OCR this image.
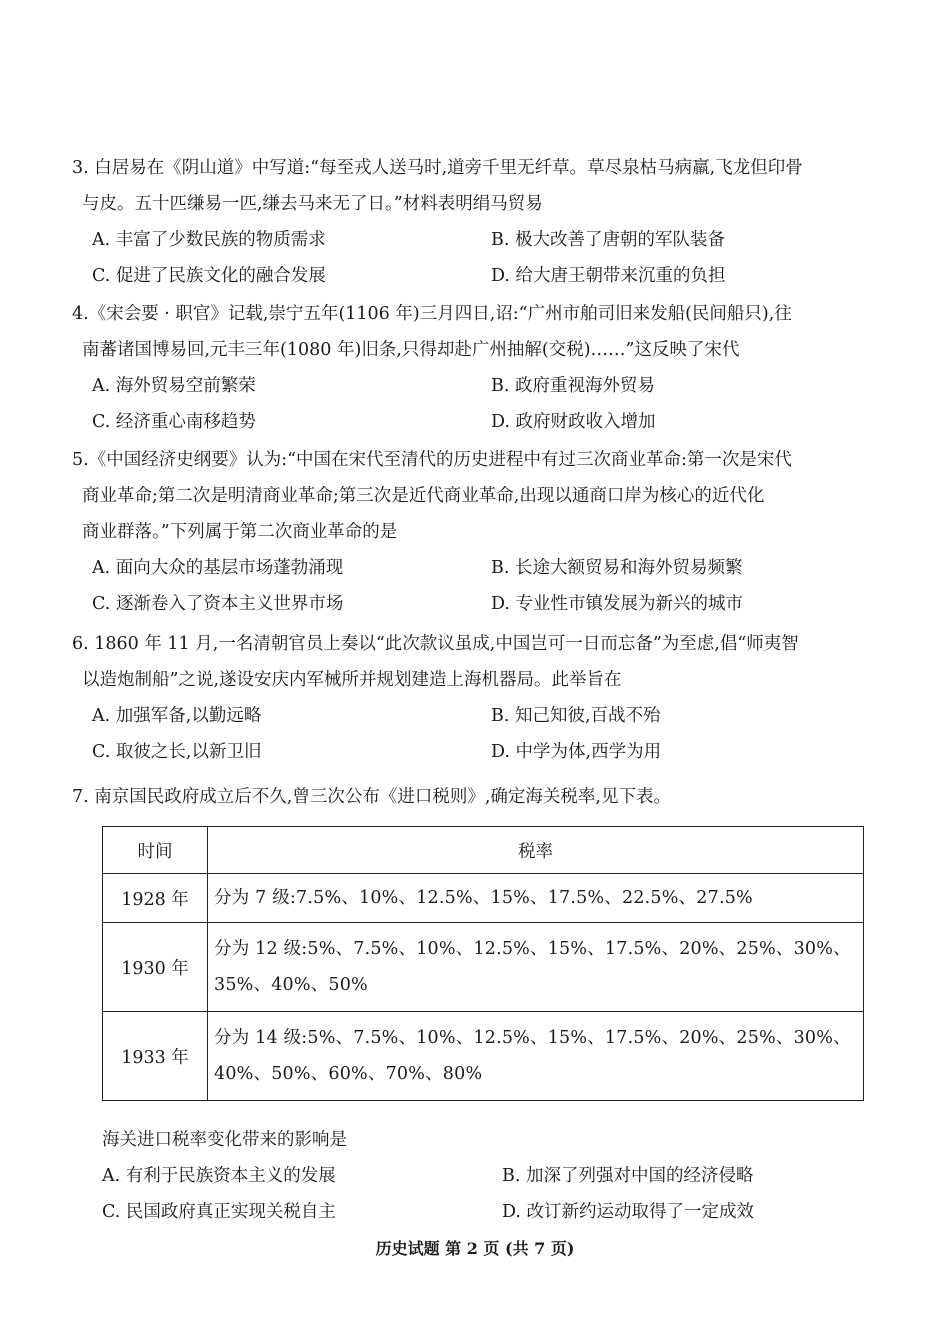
3. 白居易在《阴山道》中写道:“每至戎人送马时,道旁千里无纤草。草尽泉枯马病羸,飞龙但印骨

与皮。五十匹缣易一匹,缣去马来无了日。”材料表明绢马贸易

A. 丰富了少数民族的物质需求	B. 极大改善了唐朝的军队装备
C. 促进了民族文化的融合发展	D. 给大唐王朝带来沉重的负担

4.《宋会要 · 职官》记载,崇宁五年(1106 年)三月四日,诏:“广州市舶司旧来发船(民间船只),往

南蕃诸国博易回,元丰三年(1080 年)旧条,只得却赴广州抽解(交税)……”这反映了宋代

A. 海外贸易空前繁荣	B. 政府重视海外贸易
C. 经济重心南移趋势	D. 政府财政收入增加

5.《中国经济史纲要》认为:“中国在宋代至清代的历史进程中有过三次商业革命:第一次是宋代

商业革命;第二次是明清商业革命;第三次是近代商业革命,出现以通商口岸为核心的近代化

商业群落。”下列属于第二次商业革命的是

A. 面向大众的基层市场蓬勃涌现	B. 长途大额贸易和海外贸易频繁
C. 逐渐卷入了资本主义世界市场	D. 专业性市镇发展为新兴的城市

6. 1860 年 11 月,一名清朝官员上奏以“此次款议虽成,中国岂可一日而忘备”为至虑,倡“师夷智

以造炮制船”之说,遂设安庆内军械所并规划建造上海机器局。此举旨在

A. 加强军备,以勤远略	B. 知己知彼,百战不殆
C. 取彼之长,以新卫旧	D. 中学为体,西学为用

7. 南京国民政府成立后不久,曾三次公布《进口税则》,确定海关税率,见下表。

时间	税率
1928 年	分为 7 级:7.5%、10%、12.5%、15%、17.5%、22.5%、27.5%
1930 年	分为 12 级:5%、7.5%、10%、12.5%、15%、17.5%、20%、25%、30%、35%、40%、50%
1933 年	分为 14 级:5%、7.5%、10%、12.5%、15%、17.5%、20%、25%、30%、40%、50%、60%、70%、80%

海关进口税率变化带来的影响是

A. 有利于民族资本主义的发展	B. 加深了列强对中国的经济侵略
C. 民国政府真正实现关税自主	D. 改订新约运动取得了一定成效
历史试题 第 2 页 (共 7 页)
